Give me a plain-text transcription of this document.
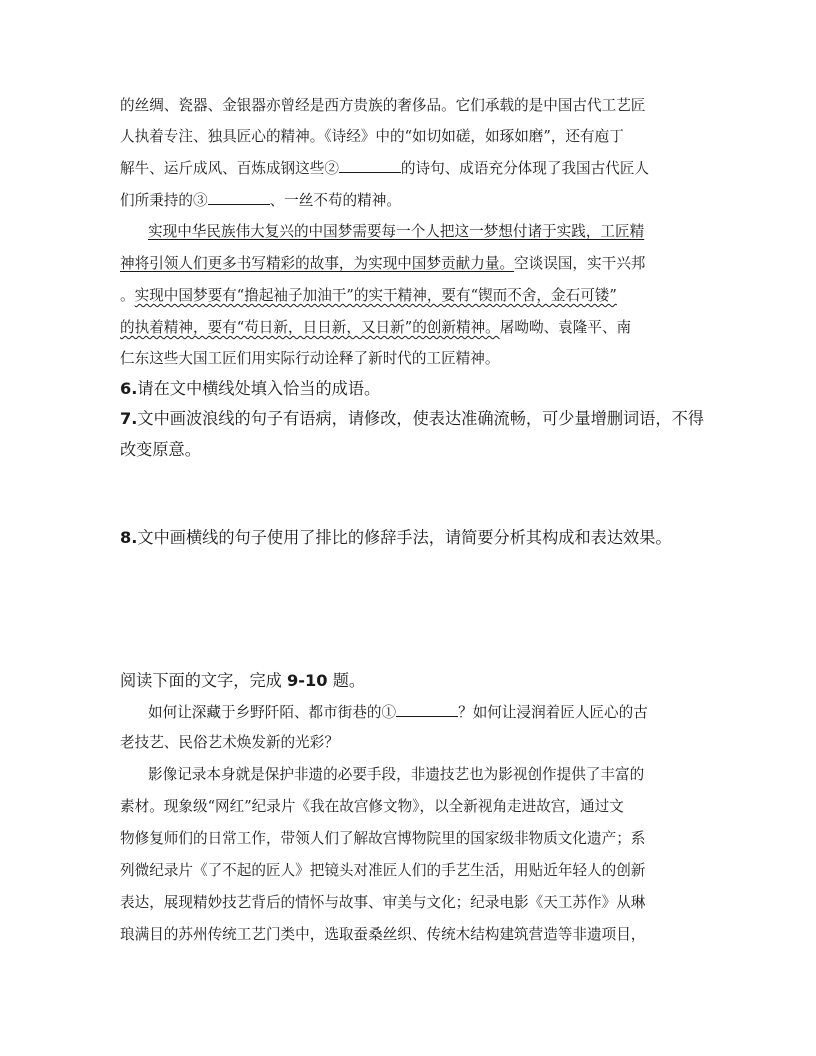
的丝绸、瓷器、金银器亦曾经是西方贵族的奢侈品。它们承载的是中国古代工艺匠
人执着专注、独具匠心的精神。《诗经》中的“如切如磋，如琢如磨”，还有庖丁
解牛、运斤成风、百炼成钢这些②	的诗句、成语充分体现了我国古代匠人
们所秉持的③	、一丝不苟的精神。
实现中华民族伟大复兴的中国梦需要每一个人把这一梦想付诸于实践，工匠精
神将引领人们更多书写精彩的故事，为实现中国梦贡献力量。空谈误国，实干兴邦
。实现中国梦要有“撸起袖子加油干”的实干精神，要有“锲而不舍，金石可镂”
的执着精神，要有“苟日新，日日新，又日新”的创新精神。屠呦呦、袁隆平、南
仁东这些大国工匠们用实际行动诠释了新时代的工匠精神。
6.请在文中横线处填入恰当的成语。
7.文中画波浪线的句子有语病，请修改，使表达准确流畅，可少量增删词语，不得
改变原意。
8.文中画横线的句子使用了排比的修辞手法，请简要分析其构成和表达效果。
阅读下面的文字，完成 9-10 题。
如何让深藏于乡野阡陌、都市街巷的①	？如何让浸润着匠人匠心的古
老技艺、民俗艺术焕发新的光彩？
影像记录本身就是保护非遗的必要手段，非遗技艺也为影视创作提供了丰富的
素材。现象级“网红”纪录片《我在故宫修文物》，以全新视角走进故宫，通过文
物修复师们的日常工作，带领人们了解故宫博物院里的国家级非物质文化遗产；系
列微纪录片《了不起的匠人》把镜头对准匠人们的手艺生活，用贴近年轻人的创新
表达，展现精妙技艺背后的情怀与故事、审美与文化；纪录电影《天工苏作》从琳
琅满目的苏州传统工艺门类中，选取蚕桑丝织、传统木结构建筑营造等非遗项目，
